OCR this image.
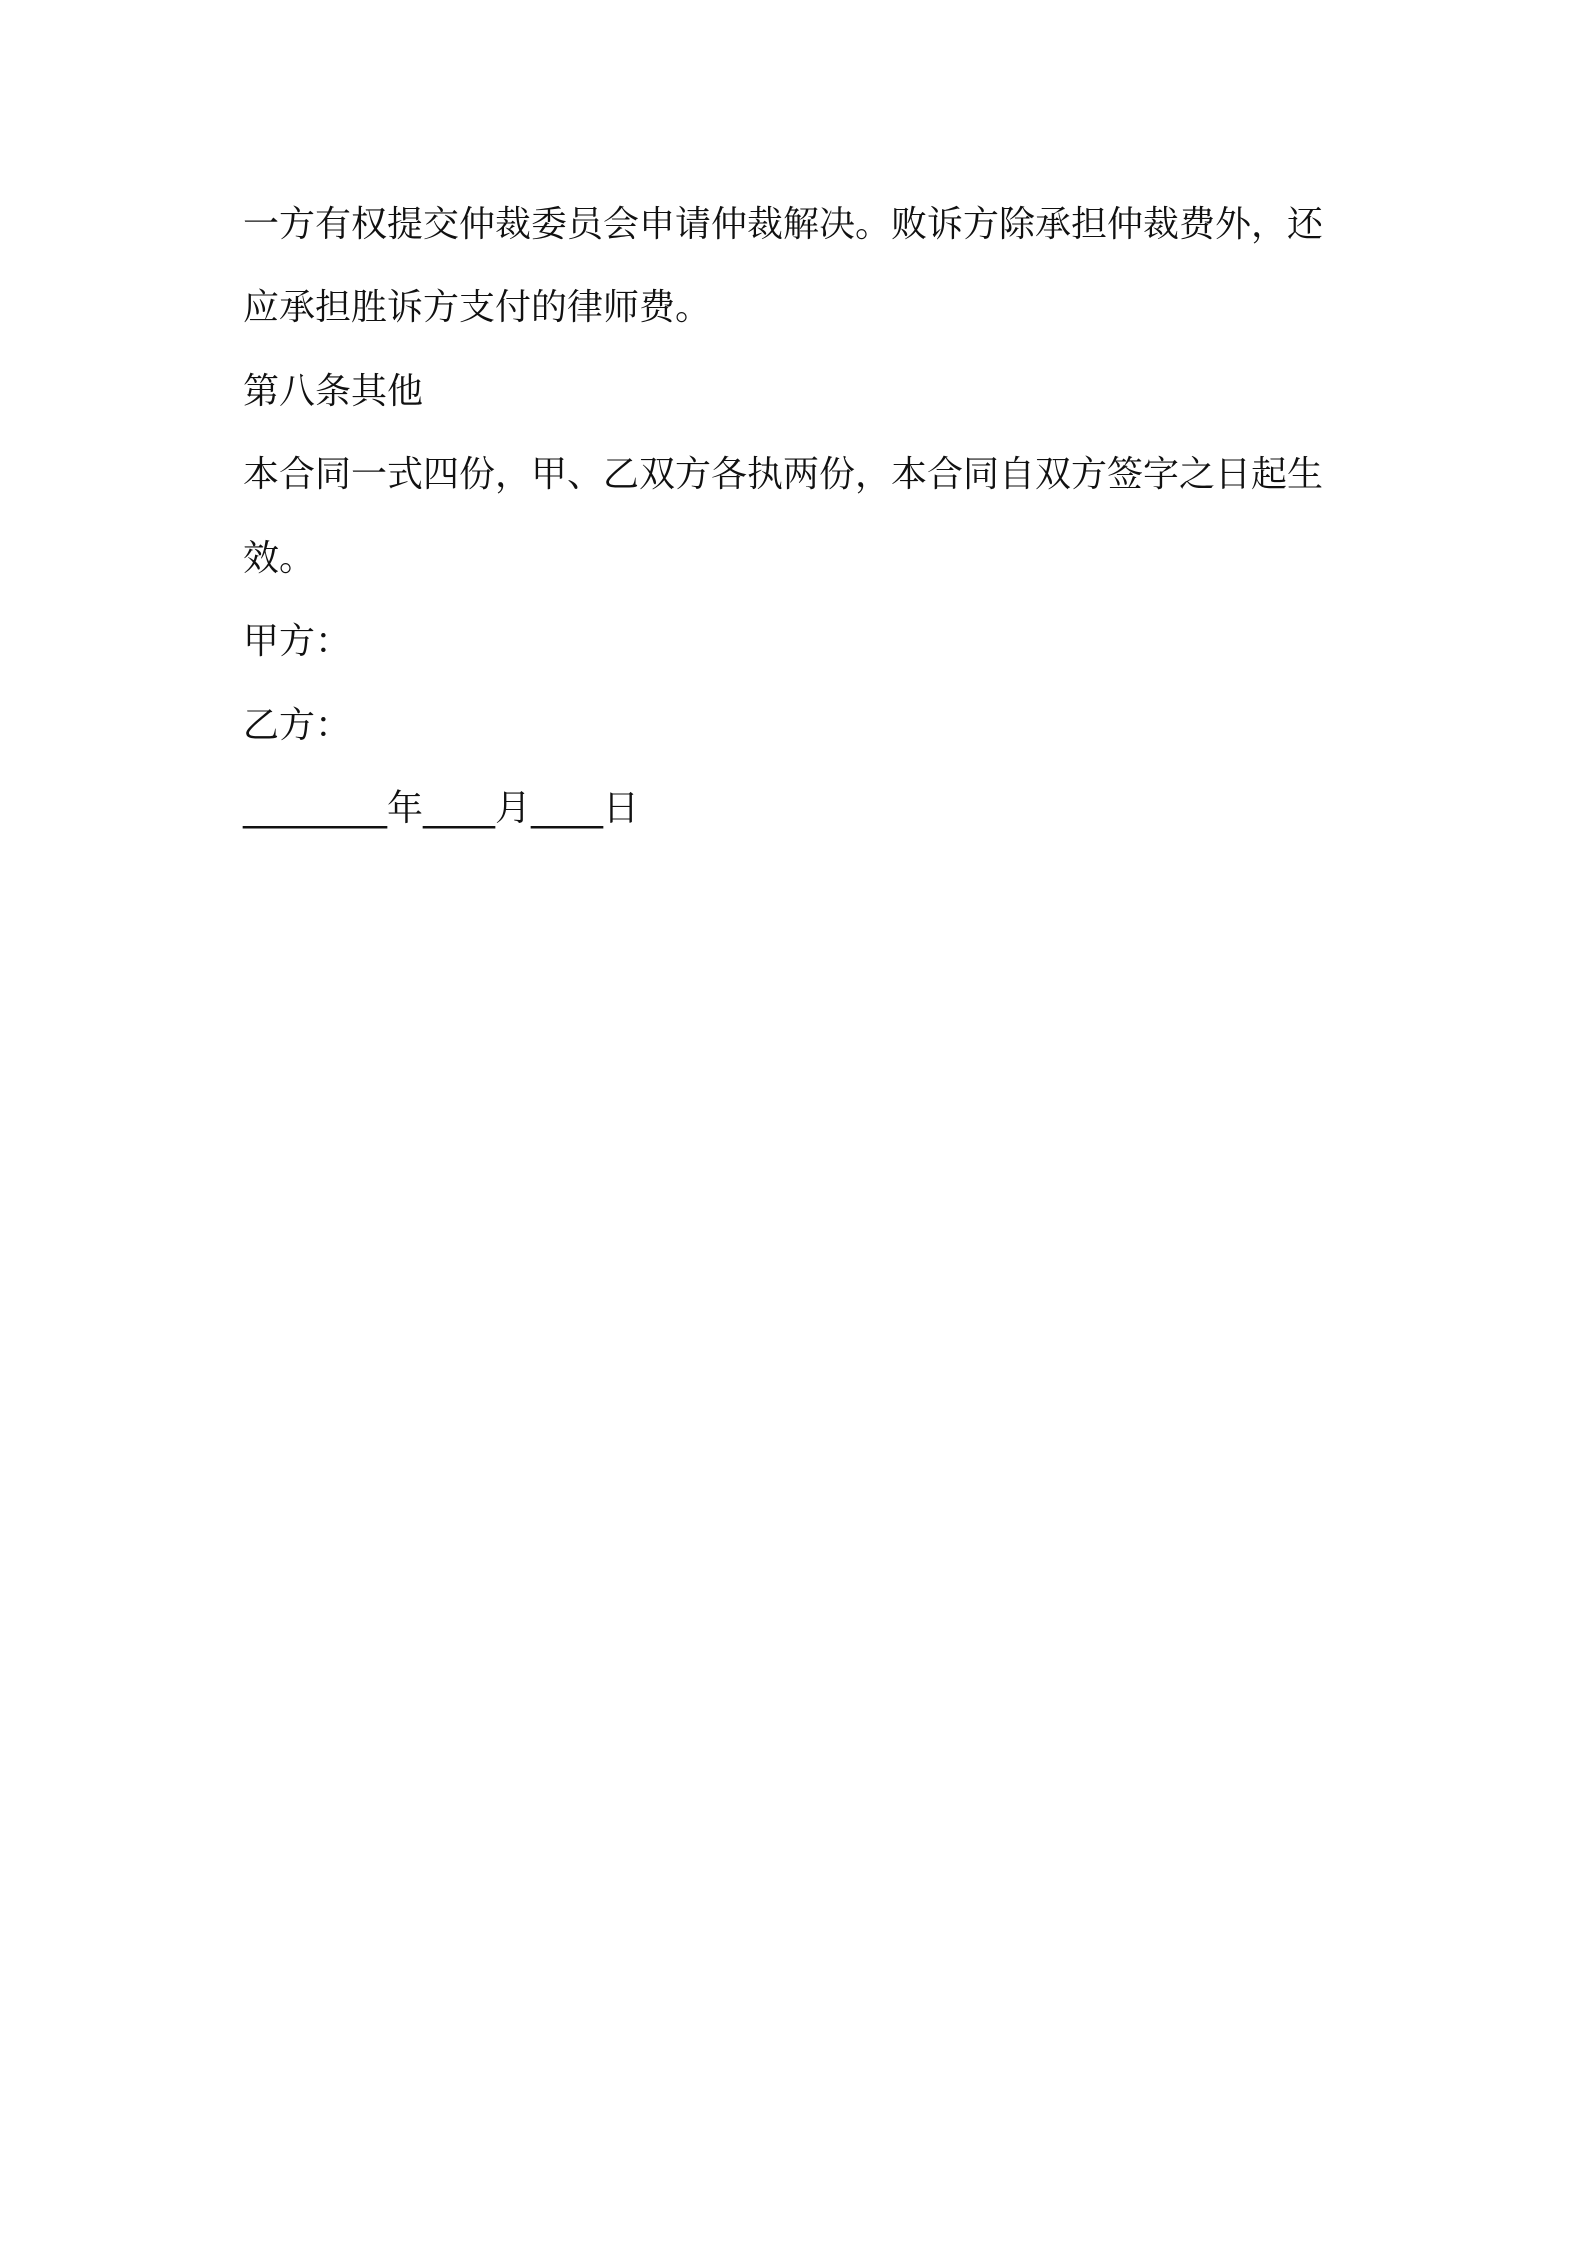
一方有权提交仲裁委员会申请仲裁解决。败诉方除承担仲裁费外，还
应承担胜诉方支付的律师费。
第八条其他
本合同一式四份，甲、乙双方各执两份，本合同自双方签字之日起生
效。
甲方：
乙方：
________年____月____日
